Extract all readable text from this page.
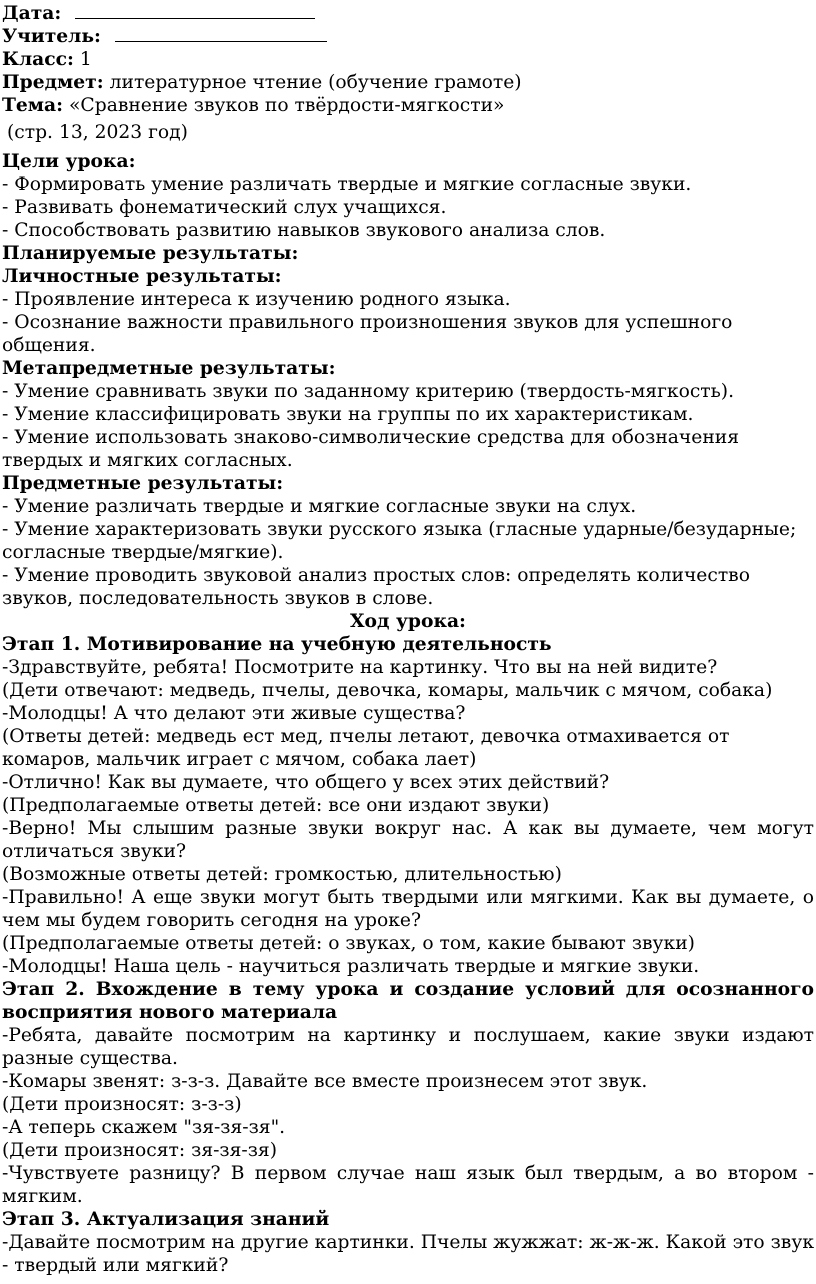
Дата:
Учитель:
Класс: 1
Предмет: литературное чтение (обучение грамоте)
Тема: «Сравнение звуков по твёрдости-мягкости»
(стр. 13, 2023 год)
Цели урока:

- Формировать умение различать твердые и мягкие согласные звуки.

- Развивать фонематический слух учащихся.

- Способствовать развитию навыков звукового анализа слов.

Планируемые результаты:
Личностные результаты:

- Проявление интереса к изучению родного языка.

- Осознание важности правильного произношения звуков для успешного общения.

Метапредметные результаты:

- Умение сравнивать звуки по заданному критерию (твердость-мягкость).

- Умение классифицировать звуки на группы по их характеристикам.

- Умение использовать знаково-символические средства для обозначения твердых и мягких согласных.

Предметные результаты:

- Умение различать твердые и мягкие согласные звуки на слух.

- Умение характеризовать звуки русского языка (гласные ударные/безударные; согласные твердые/мягкие).

- Умение проводить звуковой анализ простых слов: определять количество звуков, последовательность звуков в слове.

Ход урока:
Этап 1. Мотивирование на учебную деятельность

-Здравствуйте, ребята! Посмотрите на картинку. Что вы на ней видите?

(Дети отвечают: медведь, пчелы, девочка, комары, мальчик с мячом, собака)

-Молодцы! А что делают эти живые существа?

(Ответы детей: медведь ест мед, пчелы летают, девочка отмахивается от комаров, мальчик играет с мячом, собака лает)

-Отлично! Как вы думаете, что общего у всех этих действий?

(Предполагаемые ответы детей: все они издают звуки)

-Верно! Мы слышим разные звуки вокруг нас. А как вы думаете, чем могут отличаться звуки?

(Возможные ответы детей: громкостью, длительностью)

-Правильно! А еще звуки могут быть твердыми или мягкими. Как вы думаете, о чем мы будем говорить сегодня на уроке?

(Предполагаемые ответы детей: о звуках, о том, какие бывают звуки)

-Молодцы! Наша цель - научиться различать твердые и мягкие звуки.

Этап 2. Вхождение в тему урока и создание условий для осознанного восприятия нового материала

-Ребята, давайте посмотрим на картинку и послушаем, какие звуки издают разные существа.

-Комары звенят: з-з-з. Давайте все вместе произнесем этот звук.

(Дети произносят: з-з-з)

-А теперь скажем "зя-зя-зя".

(Дети произносят: зя-зя-зя)

-Чувствуете разницу? В первом случае наш язык был твердым, а во втором - мягким.

Этап 3. Актуализация знаний

-Давайте посмотрим на другие картинки. Пчелы жужжат: ж-ж-ж. Какой это звук - твердый или мягкий?
